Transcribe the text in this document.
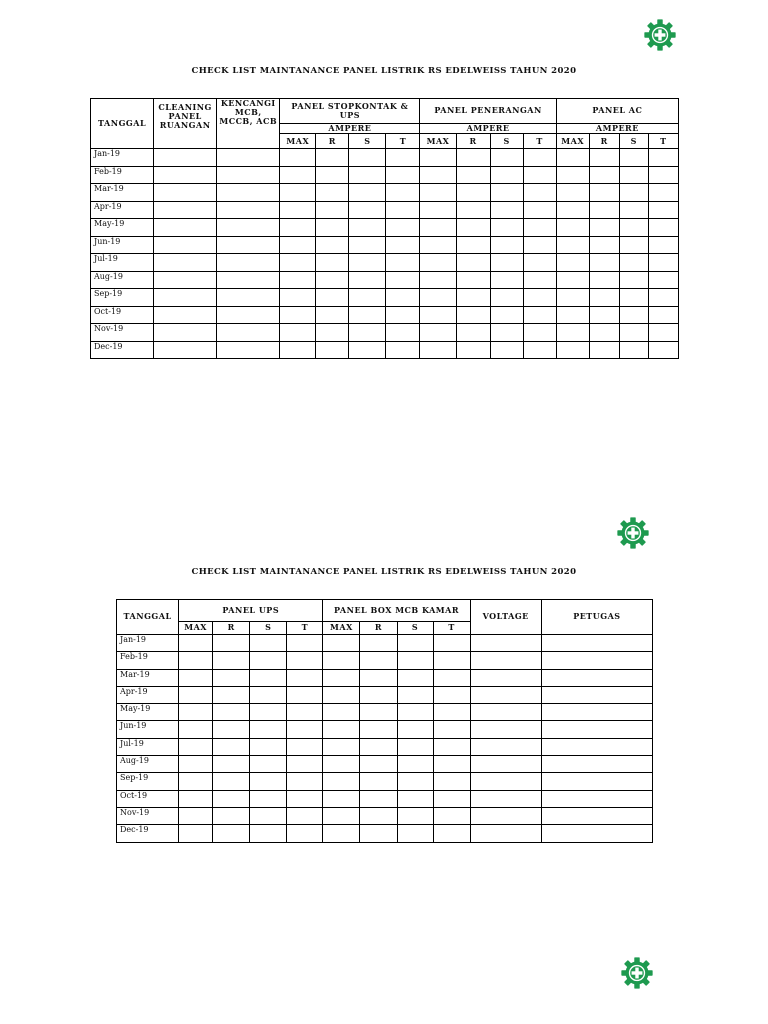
CHECK LIST MAINTANANCE PANEL LISTRIK RS EDELWEISS TAHUN 2020
TANGGAL	CLEANING PANEL RUANGAN	KENCANGI MCB, MCCB, ACB	PANEL STOPKONTAK & UPS				PANEL PENERANGAN				PANEL AC			
			AMPERE				AMPERE				AMPERE			
			MAX	R	S	T	MAX	R	S	T	MAX	R	S	T
Jan-19														
Feb-19														
Mar-19														
Apr-19														
May-19														
Jun-19														
Jul-19														
Aug-19														
Sep-19														
Oct-19														
Nov-19														
Dec-19														
CHECK LIST MAINTANANCE PANEL LISTRIK RS EDELWEISS TAHUN 2020
TANGGAL	PANEL UPS				PANEL BOX MCB KAMAR				VOLTAGE	PETUGAS
	MAX	R	S	T	MAX	R	S	T		
Jan-19										
Feb-19										
Mar-19										
Apr-19										
May-19										
Jun-19										
Jul-19										
Aug-19										
Sep-19										
Oct-19										
Nov-19										
Dec-19										
